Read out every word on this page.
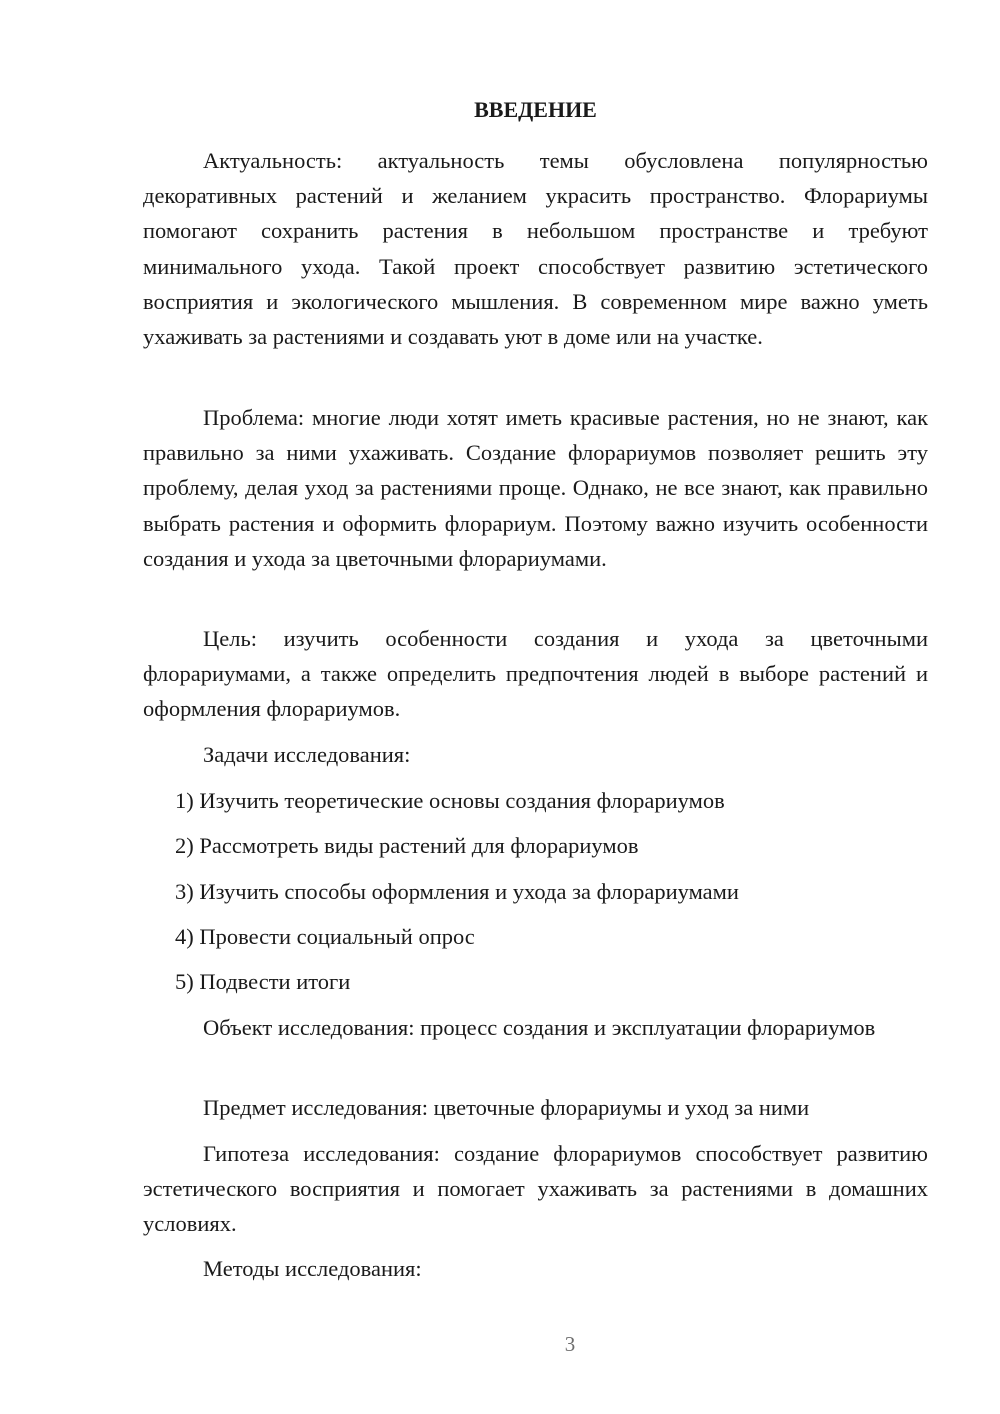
ВВЕДЕНИЕ

Актуальность: актуальность темы обусловлена популярностью декоративных растений и желанием украсить пространство. Флорариумы помогают сохранить растения в небольшом пространстве и требуют минимального ухода. Такой проект способствует развитию эстетического восприятия и экологического мышления. В современном мире важно уметь ухаживать за растениями и создавать уют в доме или на участке.

Проблема: многие люди хотят иметь красивые растения, но не знают, как правильно за ними ухаживать. Создание флорариумов позволяет решить эту проблему, делая уход за растениями проще. Однако, не все знают, как правильно выбрать растения и оформить флорариум. Поэтому важно изучить особенности создания и ухода за цветочными флорариумами.

Цель: изучить особенности создания и ухода за цветочными флорариумами, а также определить предпочтения людей в выборе растений и оформления флорариумов.

Задачи исследования:

1) Изучить теоретические основы создания флорариумов

2) Рассмотреть виды растений для флорариумов

3) Изучить способы оформления и ухода за флорариумами

4) Провести социальный опрос

5) Подвести итоги

Объект исследования: процесс создания и эксплуатации флорариумов

Предмет исследования: цветочные флорариумы и уход за ними

Гипотеза исследования: создание флорариумов способствует развитию эстетического восприятия и помогает ухаживать за растениями в домашних условиях.

Методы исследования:

3
